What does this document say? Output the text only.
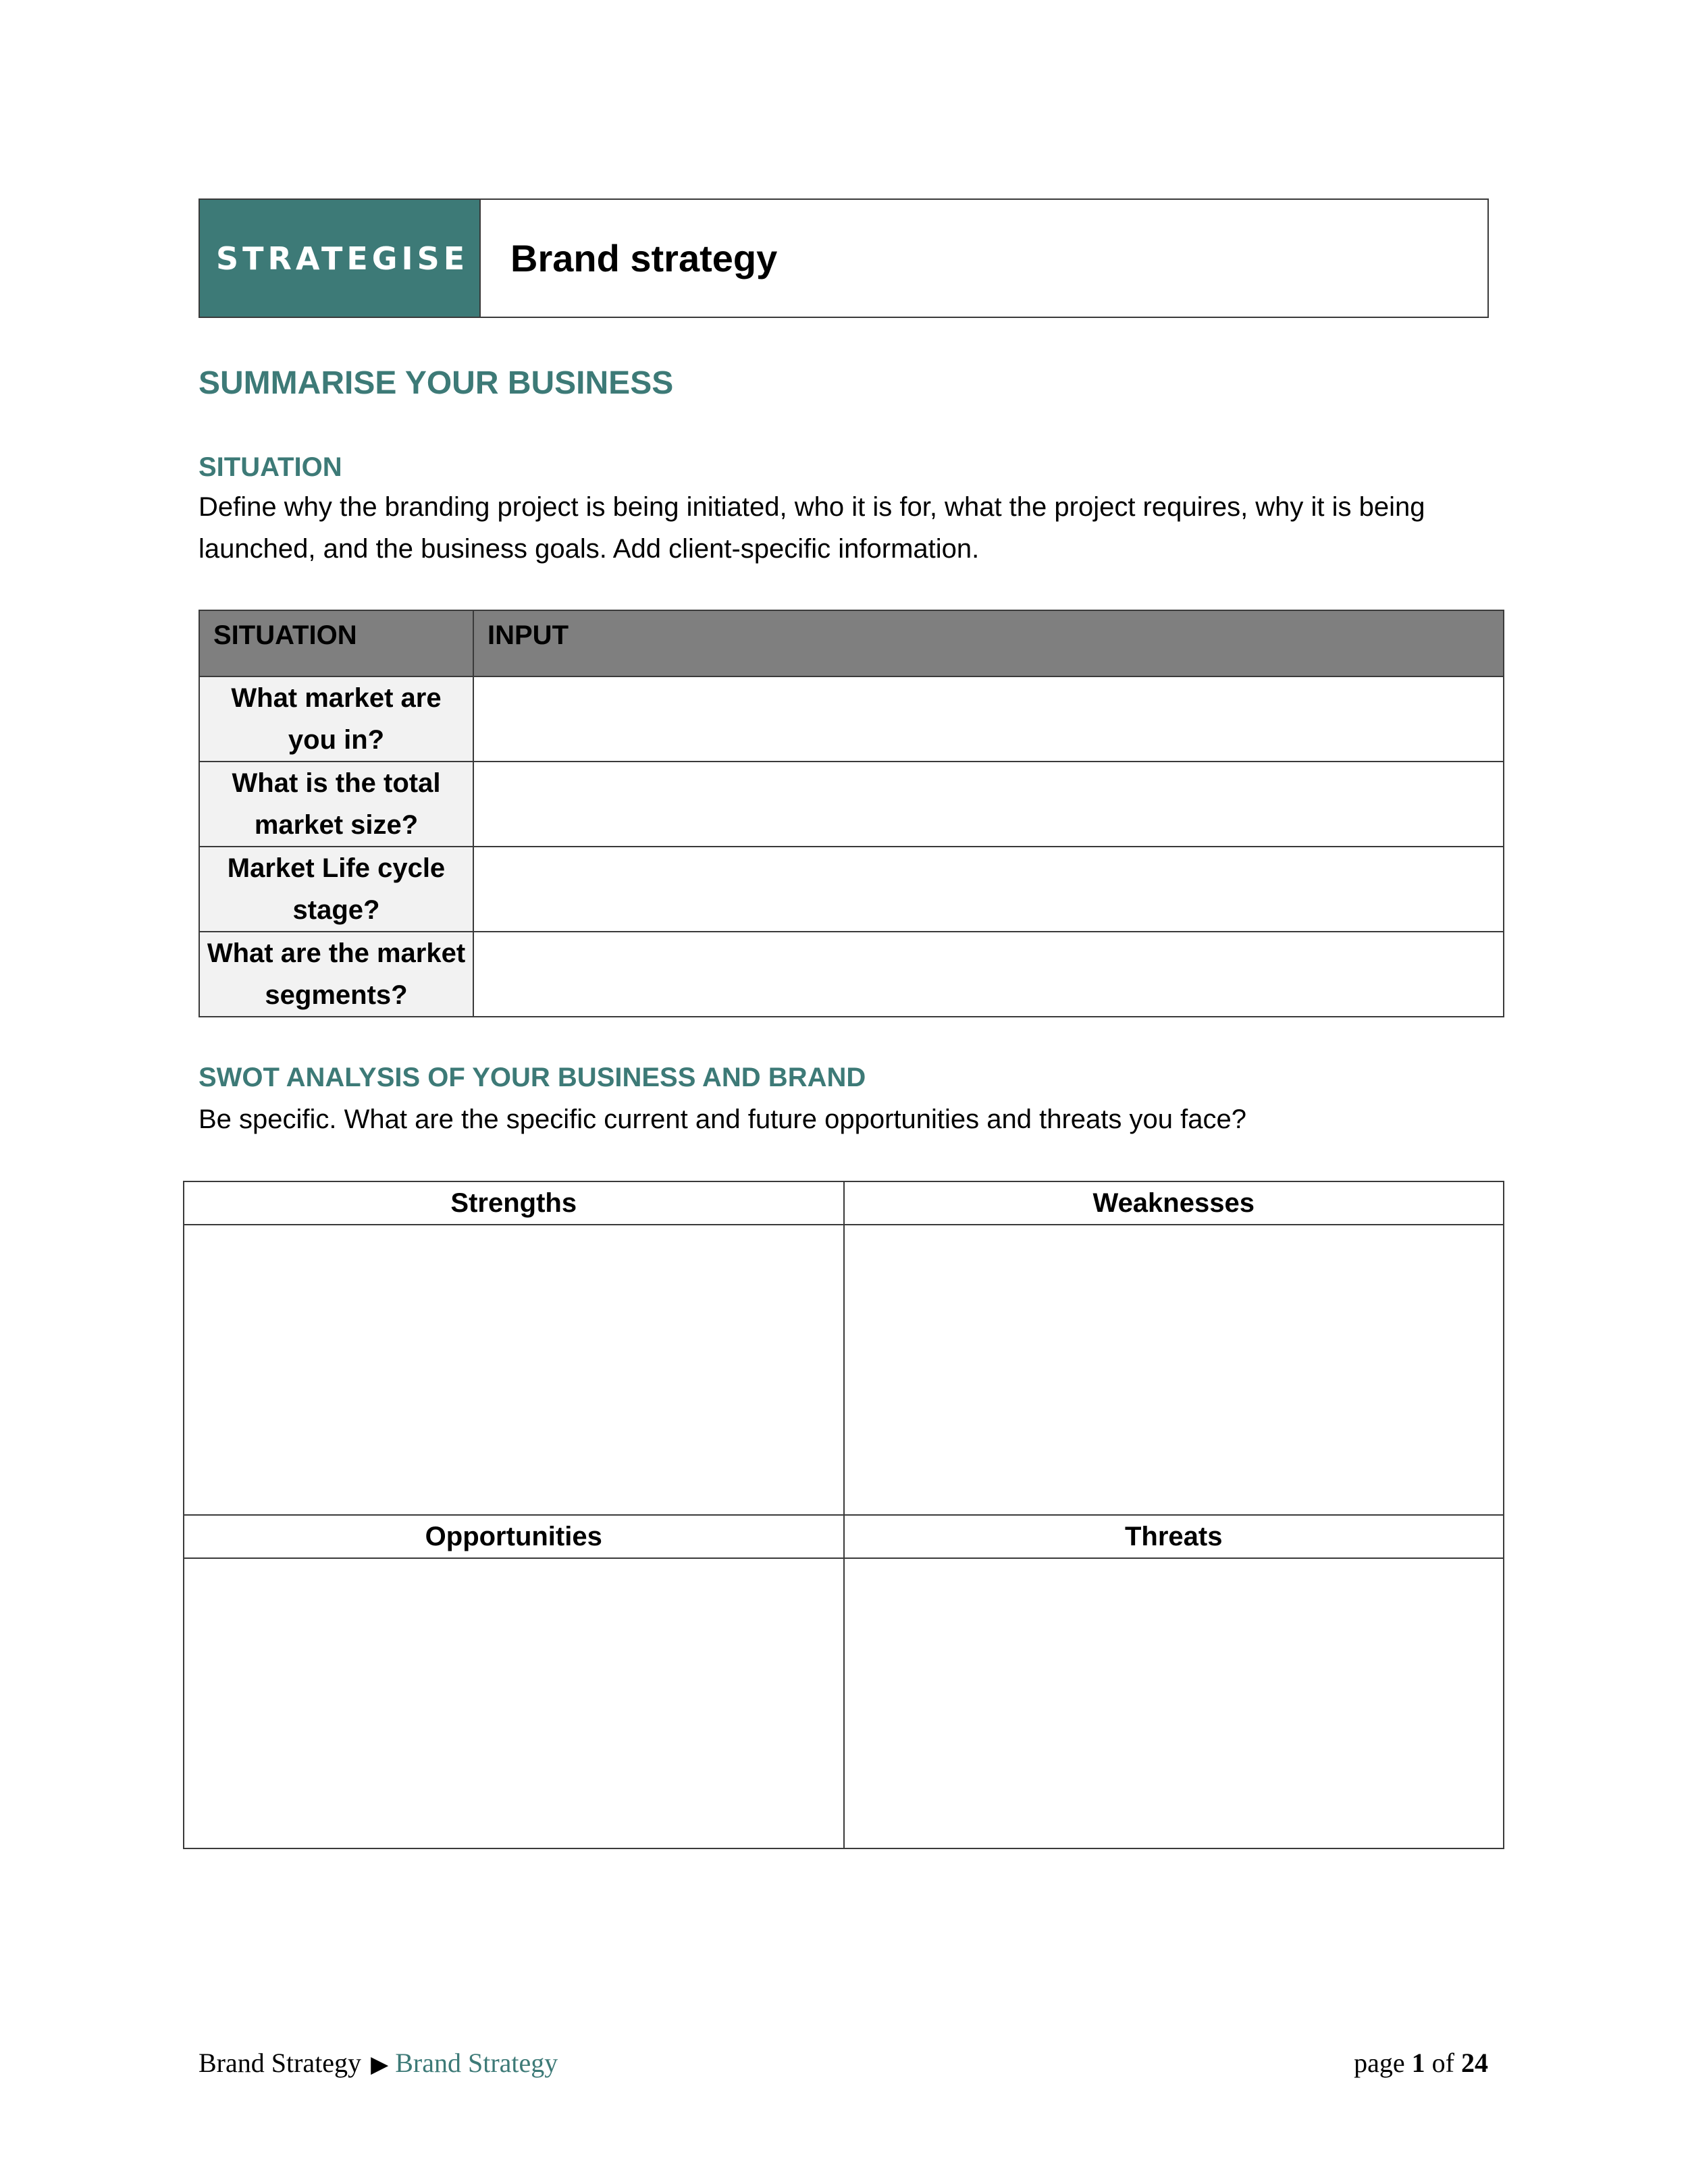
STRATEGISE Brand strategy
SUMMARISE YOUR BUSINESS
SITUATION

Define why the branding project is being initiated, who it is for, what the project requires, why it is being launched, and the business goals. Add client-specific information.

SITUATION	INPUT
What market are you in?	
What is the total market size?	
Market Life cycle stage?	
What are the market segments?	
SWOT ANALYSIS OF YOUR BUSINESS AND BRAND

Be specific. What are the specific current and future opportunities and threats you face?

Strengths	Weaknesses

Opportunities	Threats

Brand Strategy ▶ Brand Strategy	page 1 of 24
